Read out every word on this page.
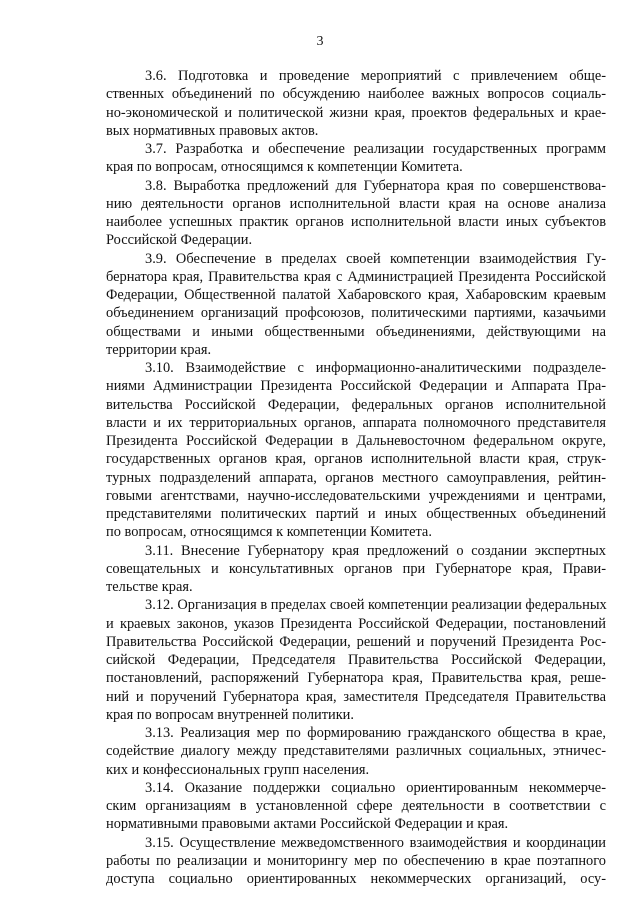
3
3.6. Подготовка и проведение мероприятий с привлечением обще-
ственных объединений по обсуждению наиболее важных вопросов социаль-
но-экономической и политической жизни края, проектов федеральных и крае-
вых нормативных правовых актов.
3.7. Разработка и обеспечение реализации государственных программ
края по вопросам, относящимся к компетенции Комитета.
3.8. Выработка предложений для Губернатора края по совершенствова-
нию деятельности органов исполнительной власти края на основе анализа
наиболее успешных практик органов исполнительной власти иных субъектов
Российской Федерации.
3.9. Обеспечение в пределах своей компетенции взаимодействия Гу-
бернатора края, Правительства края с Администрацией Президента Российской
Федерации, Общественной палатой Хабаровского края, Хабаровским краевым
объединением организаций профсоюзов, политическими партиями, казачьими
обществами и иными общественными объединениями, действующими на
территории края.
3.10. Взаимодействие с информационно-аналитическими подразделе-
ниями Администрации Президента Российской Федерации и Аппарата Пра-
вительства Российской Федерации, федеральных органов исполнительной
власти и их территориальных органов, аппарата полномочного представителя
Президента Российской Федерации в Дальневосточном федеральном округе,
государственных органов края, органов исполнительной власти края, струк-
турных подразделений аппарата, органов местного самоуправления, рейтин-
говыми агентствами, научно-исследовательскими учреждениями и центрами,
представителями политических партий и иных общественных объединений
по вопросам, относящимся к компетенции Комитета.
3.11. Внесение Губернатору края предложений о создании экспертных
совещательных и консультативных органов при Губернаторе края, Прави-
тельстве края.
3.12. Организация в пределах своей компетенции реализации федеральных
и краевых законов, указов Президента Российской Федерации, постановлений
Правительства Российской Федерации, решений и поручений Президента Рос-
сийской Федерации, Председателя Правительства Российской Федерации,
постановлений, распоряжений Губернатора края, Правительства края, реше-
ний и поручений Губернатора края, заместителя Председателя Правительства
края по вопросам внутренней политики.
3.13. Реализация мер по формированию гражданского общества в крае,
содействие диалогу между представителями различных социальных, этничес-
ких и конфессиональных групп населения.
3.14. Оказание поддержки социально ориентированным некоммерче-
ским организациям в установленной сфере деятельности в соответствии с
нормативными правовыми актами Российской Федерации и края.
3.15. Осуществление межведомственного взаимодействия и координации
работы по реализации и мониторингу мер по обеспечению в крае поэтапного
доступа социально ориентированных некоммерческих организаций, осу-
